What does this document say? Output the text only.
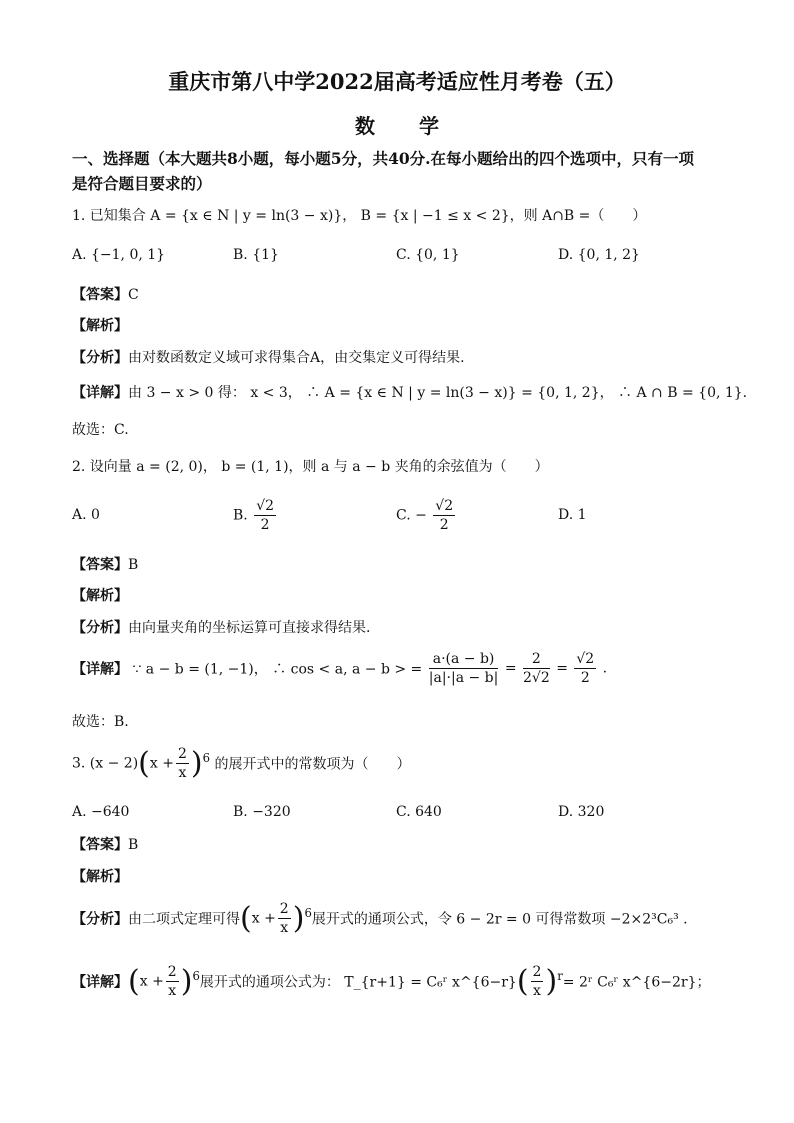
重庆市第八中学2022届高考适应性月考卷（五）
数 学
一、选择题（本大题共8小题，每小题5分，共40分.在每小题给出的四个选项中，只有一项
是符合题目要求的）
1. 已知集合 A = {x ∈ N | y = ln(3 − x)}， B = {x | −1 ≤ x < 2}，则 A∩B =（　　）
A. {−1, 0, 1}	B. {1}	C. {0, 1}	D. {0, 1, 2}
【答案】C
【解析】
【分析】由对数函数定义域可求得集合A，由交集定义可得结果.
【详解】由 3 − x > 0 得： x < 3， ∴ A = {x ∈ N | y = ln(3 − x)} = {0, 1, 2}， ∴ A ∩ B = {0, 1}.
故选：C.
2. 设向量 a = (2, 0)， b = (1, 1)，则 a 与 a − b 夹角的余弦值为（　　）
A. 0	B. $\frac{√2}{2}$	C. − $\frac{√2}{2}$	D. 1
【答案】B
【解析】
【分析】由向量夹角的坐标运算可直接求得结果.
【详解】 ∵ a − b = (1, −1)， ∴ cos < a, a − b > = $\frac{a\cdot(a - b)}{|a|\cdot|a - b|} = \frac{2}{2√2} = \frac{√2}{2}$ .
故选：B.
3. $(x - 2)(x + \frac{2}{x} )^6$ 的展开式中的常数项为（　　）
A. −640	B. −320	C. 640	D. 320
【答案】B
【解析】
【分析】由二项式定理可得$(x + \frac{2}{x} )^6$展开式的通项公式，令 6 − 2r = 0 可得常数项 −2×2³C₆³ .
【详解】$(x + \frac{2}{x} )^6$展开式的通项公式为： T_{r+1} = C₆ʳ x^{6−r}( $\frac{2}{x} )^r=$ 2ʳ C₆ʳ x^{6−2r}；
